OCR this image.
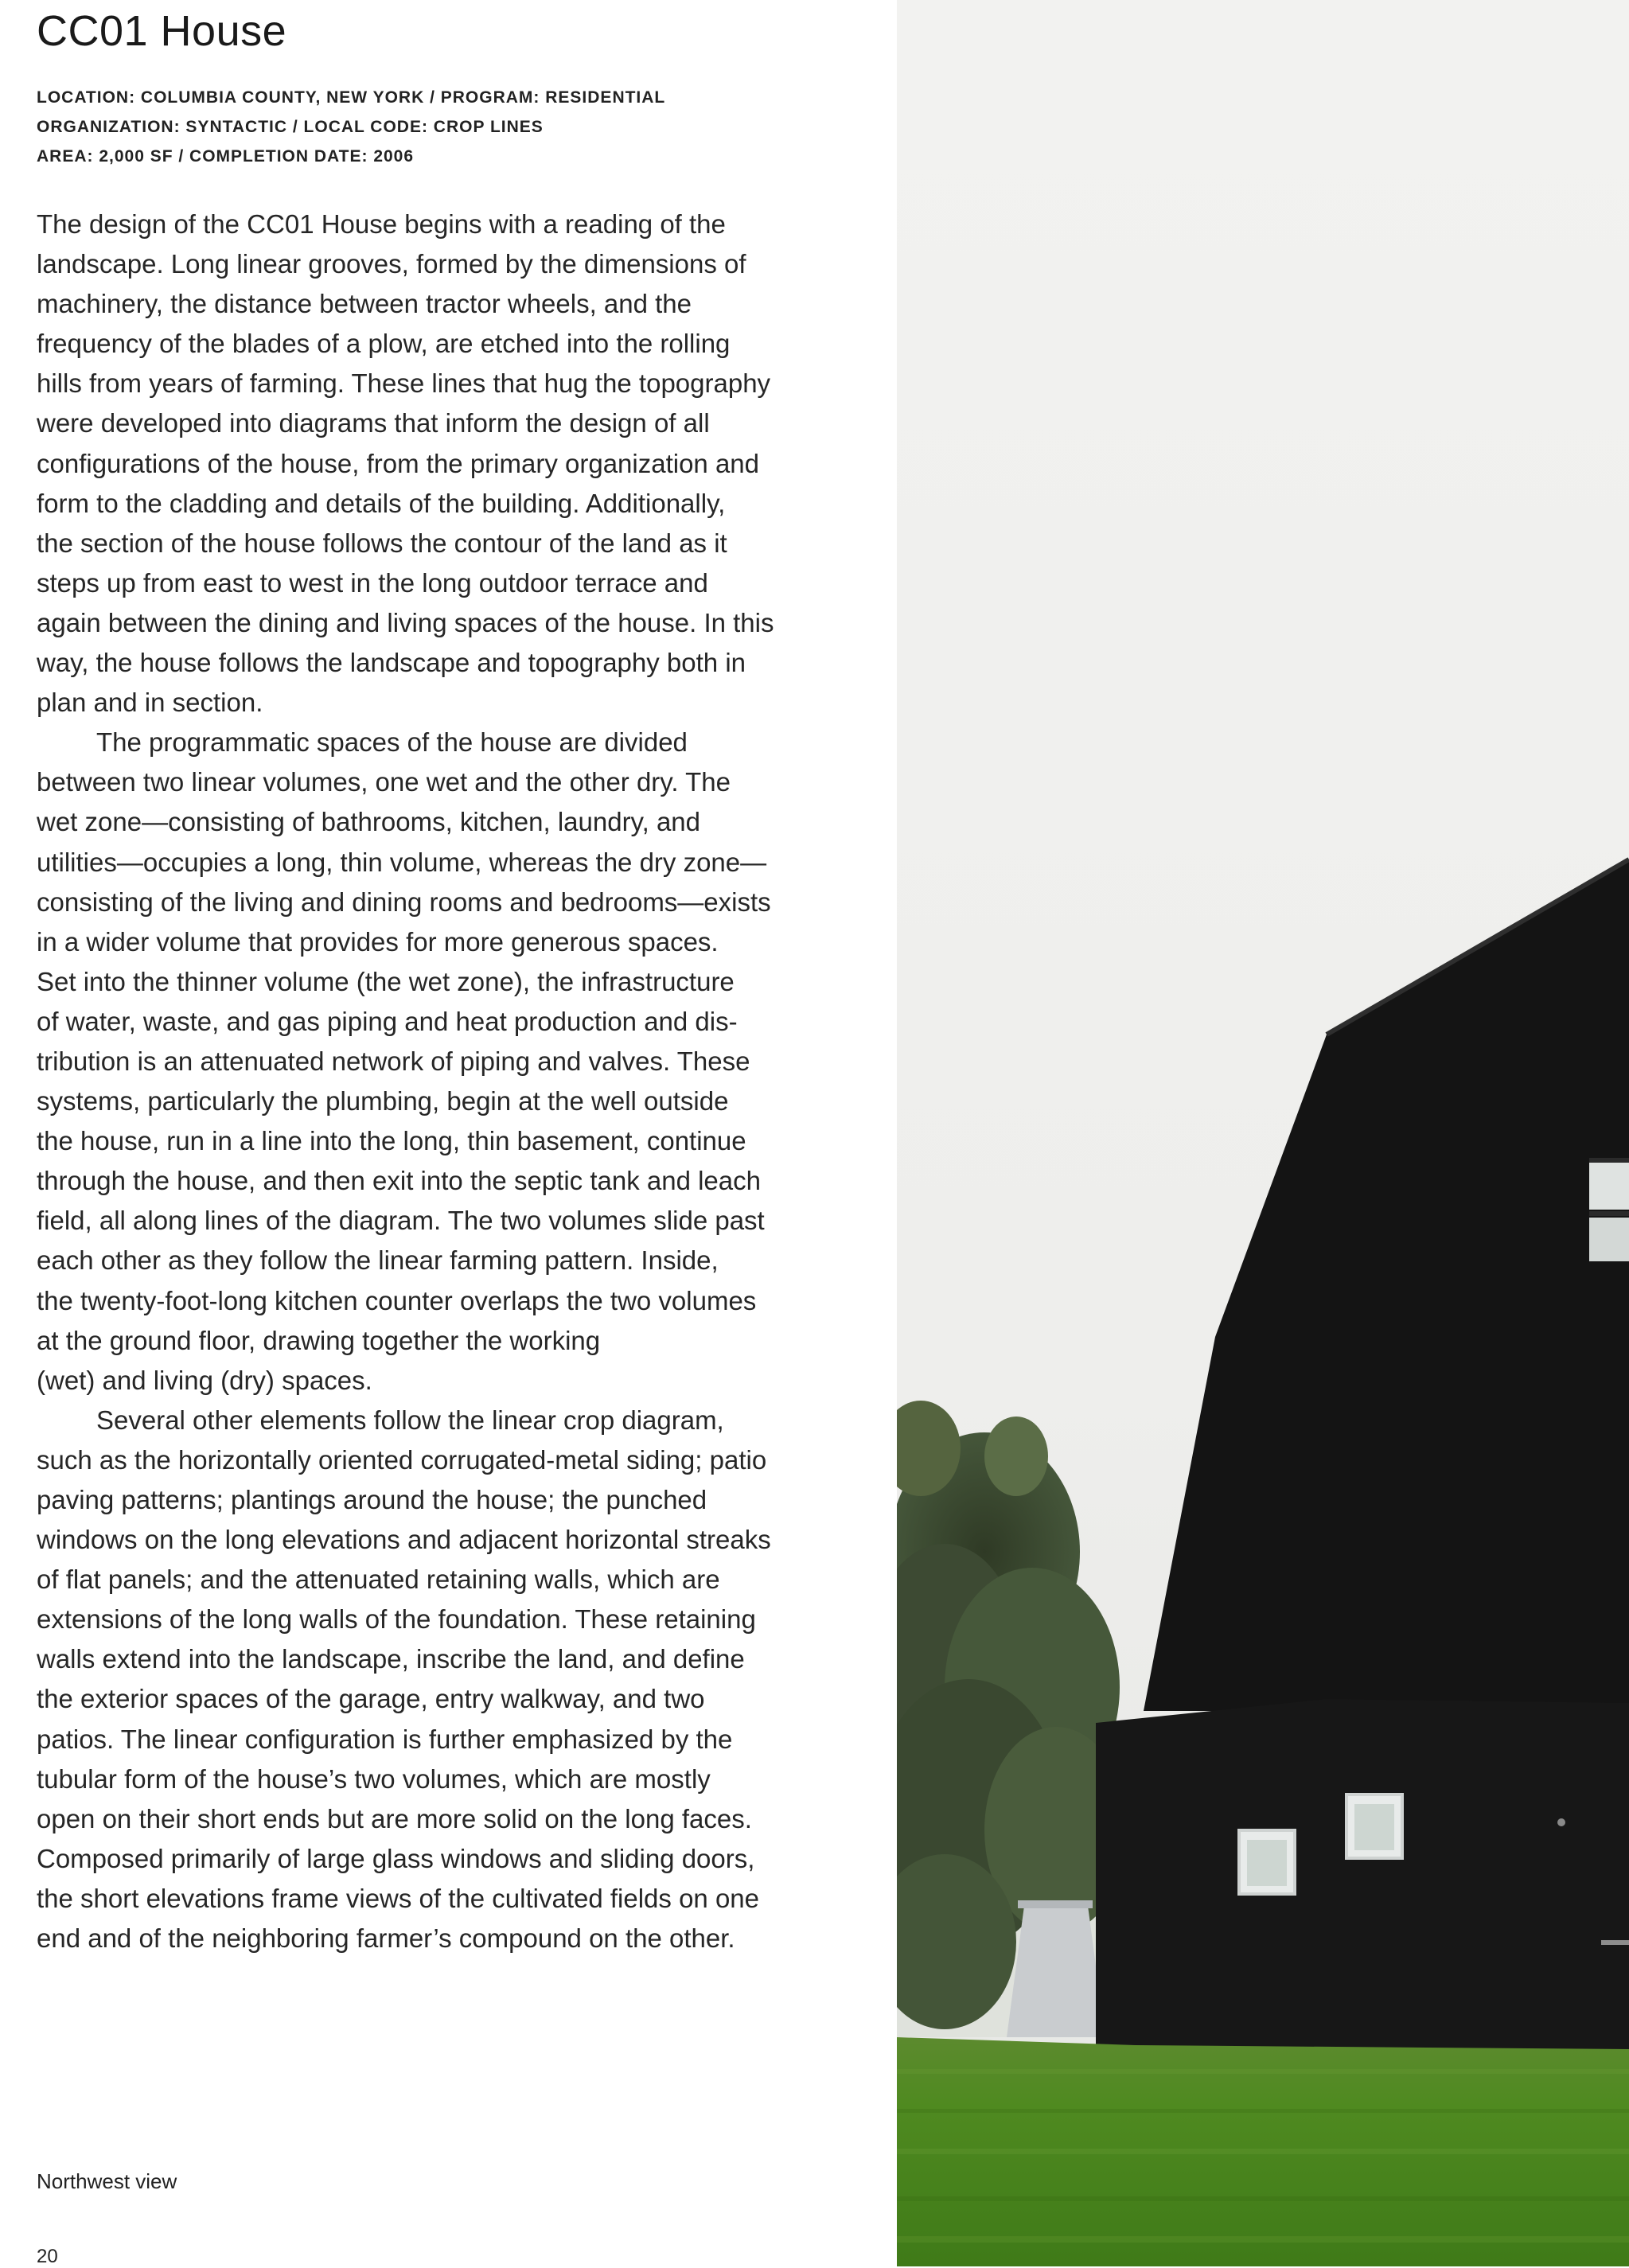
CC01 House
LOCATION: COLUMBIA COUNTY, NEW YORK / PROGRAM: RESIDENTIAL
ORGANIZATION: SYNTACTIC / LOCAL CODE: CROP LINES
AREA: 2,000 SF / COMPLETION DATE: 2006

The design of the CC01 House begins with a reading of the
landscape. Long linear grooves, formed by the dimensions of
machinery, the distance between tractor wheels, and the
frequency of the blades of a plow, are etched into the rolling
hills from years of farming. These lines that hug the topography
were developed into diagrams that inform the design of all
configurations of the house, from the primary organization and
form to the cladding and details of the building. Additionally,
the section of the house follows the contour of the land as it
steps up from east to west in the long outdoor terrace and
again between the dining and living spaces of the house. In this
way, the house follows the landscape and topography both in
plan and in section.

The programmatic spaces of the house are divided
between two linear volumes, one wet and the other dry. The
wet zone—consisting of bathrooms, kitchen, laundry, and
utilities—occupies a long, thin volume, whereas the dry zone—
consisting of the living and dining rooms and bedrooms—exists
in a wider volume that provides for more generous spaces.
Set into the thinner volume (the wet zone), the infrastructure
of water, waste, and gas piping and heat production and dis-
tribution is an attenuated network of piping and valves. These
systems, particularly the plumbing, begin at the well outside
the house, run in a line into the long, thin basement, continue
through the house, and then exit into the septic tank and leach
field, all along lines of the diagram. The two volumes slide past
each other as they follow the linear farming pattern. Inside,
the twenty-foot-long kitchen counter overlaps the two volumes
at the ground floor, drawing together the working
(wet) and living (dry) spaces.

Several other elements follow the linear crop diagram,
such as the horizontally oriented corrugated-metal siding; patio
paving patterns; plantings around the house; the punched
windows on the long elevations and adjacent horizontal streaks
of flat panels; and the attenuated retaining walls, which are
extensions of the long walls of the foundation. These retaining
walls extend into the landscape, inscribe the land, and define
the exterior spaces of the garage, entry walkway, and two
patios. The linear configuration is further emphasized by the
tubular form of the house’s two volumes, which are mostly
open on their short ends but are more solid on the long faces.
Composed primarily of large glass windows and sliding doors,
the short elevations frame views of the cultivated fields on one
end and of the neighboring farmer’s compound on the other.

Northwest view

20
